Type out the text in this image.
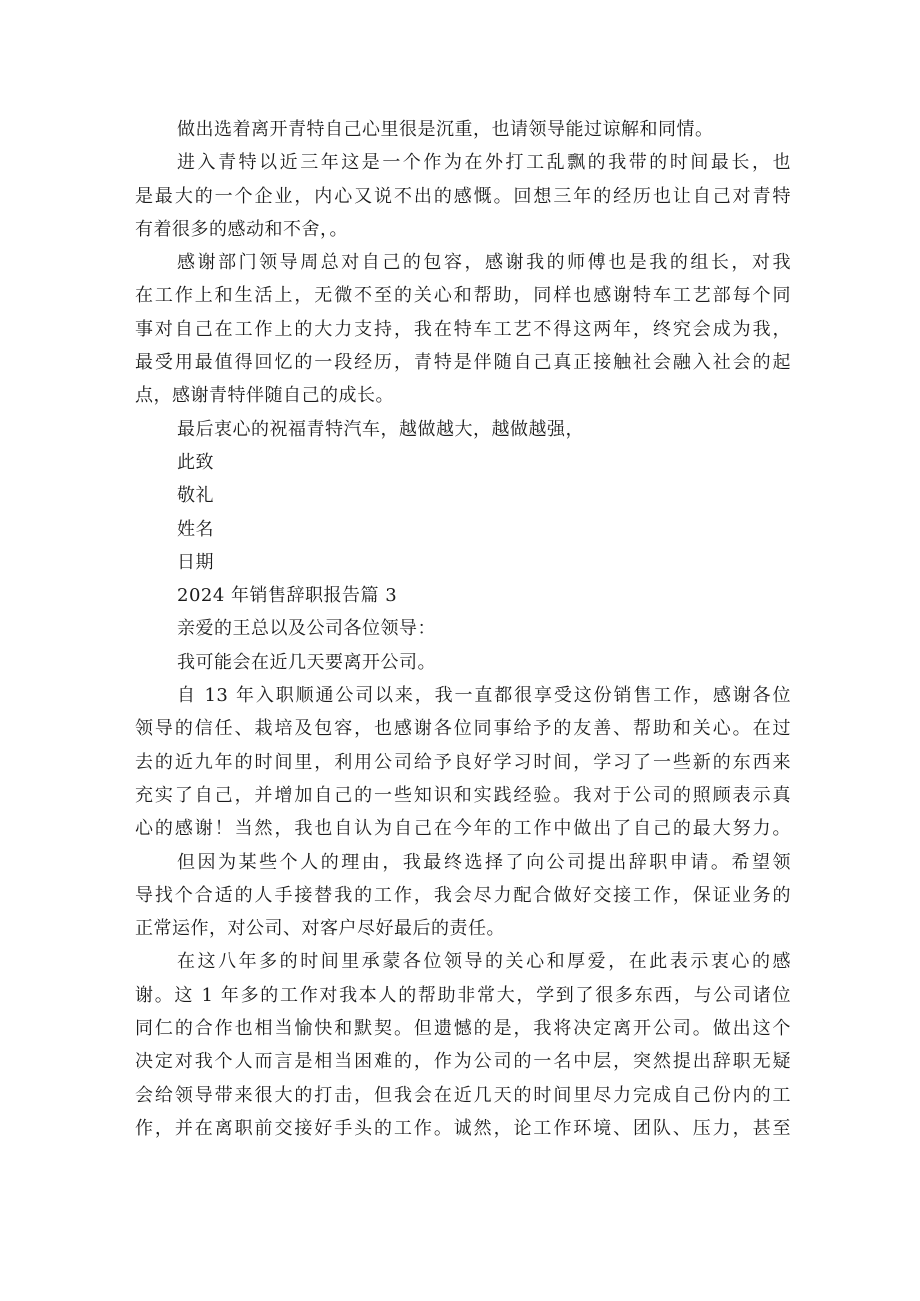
做出选着离开青特自己心里很是沉重，也请领导能过谅解和同情。
进入青特以近三年这是一个作为在外打工乱飘的我带的时间最长，也
是最大的一个企业，内心又说不出的感慨。回想三年的经历也让自己对青特
有着很多的感动和不舍，。
感谢部门领导周总对自己的包容，感谢我的师傅也是我的组长，对我
在工作上和生活上，无微不至的关心和帮助，同样也感谢特车工艺部每个同
事对自己在工作上的大力支持，我在特车工艺不得这两年，终究会成为我，
最受用最值得回忆的一段经历，青特是伴随自己真正接触社会融入社会的起
点，感谢青特伴随自己的成长。
最后衷心的祝福青特汽车，越做越大，越做越强，
此致
敬礼
姓名
日期
2024 年销售辞职报告篇 3
亲爱的王总以及公司各位领导：
我可能会在近几天要离开公司。
自 13 年入职顺通公司以来，我一直都很享受这份销售工作，感谢各位
领导的信任、栽培及包容，也感谢各位同事给予的友善、帮助和关心。在过
去的近九年的时间里，利用公司给予良好学习时间，学习了一些新的东西来
充实了自己，并增加自己的一些知识和实践经验。我对于公司的照顾表示真
心的感谢！当然，我也自认为自己在今年的工作中做出了自己的最大努力。
但因为某些个人的理由，我最终选择了向公司提出辞职申请。希望领
导找个合适的人手接替我的工作，我会尽力配合做好交接工作，保证业务的
正常运作，对公司、对客户尽好最后的责任。
在这八年多的时间里承蒙各位领导的关心和厚爱，在此表示衷心的感
谢。这 1 年多的工作对我本人的帮助非常大，学到了很多东西，与公司诸位
同仁的合作也相当愉快和默契。但遗憾的是，我将决定离开公司。做出这个
决定对我个人而言是相当困难的，作为公司的一名中层，突然提出辞职无疑
会给领导带来很大的打击，但我会在近几天的时间里尽力完成自己份内的工
作，并在离职前交接好手头的工作。诚然，论工作环境、团队、压力，甚至
